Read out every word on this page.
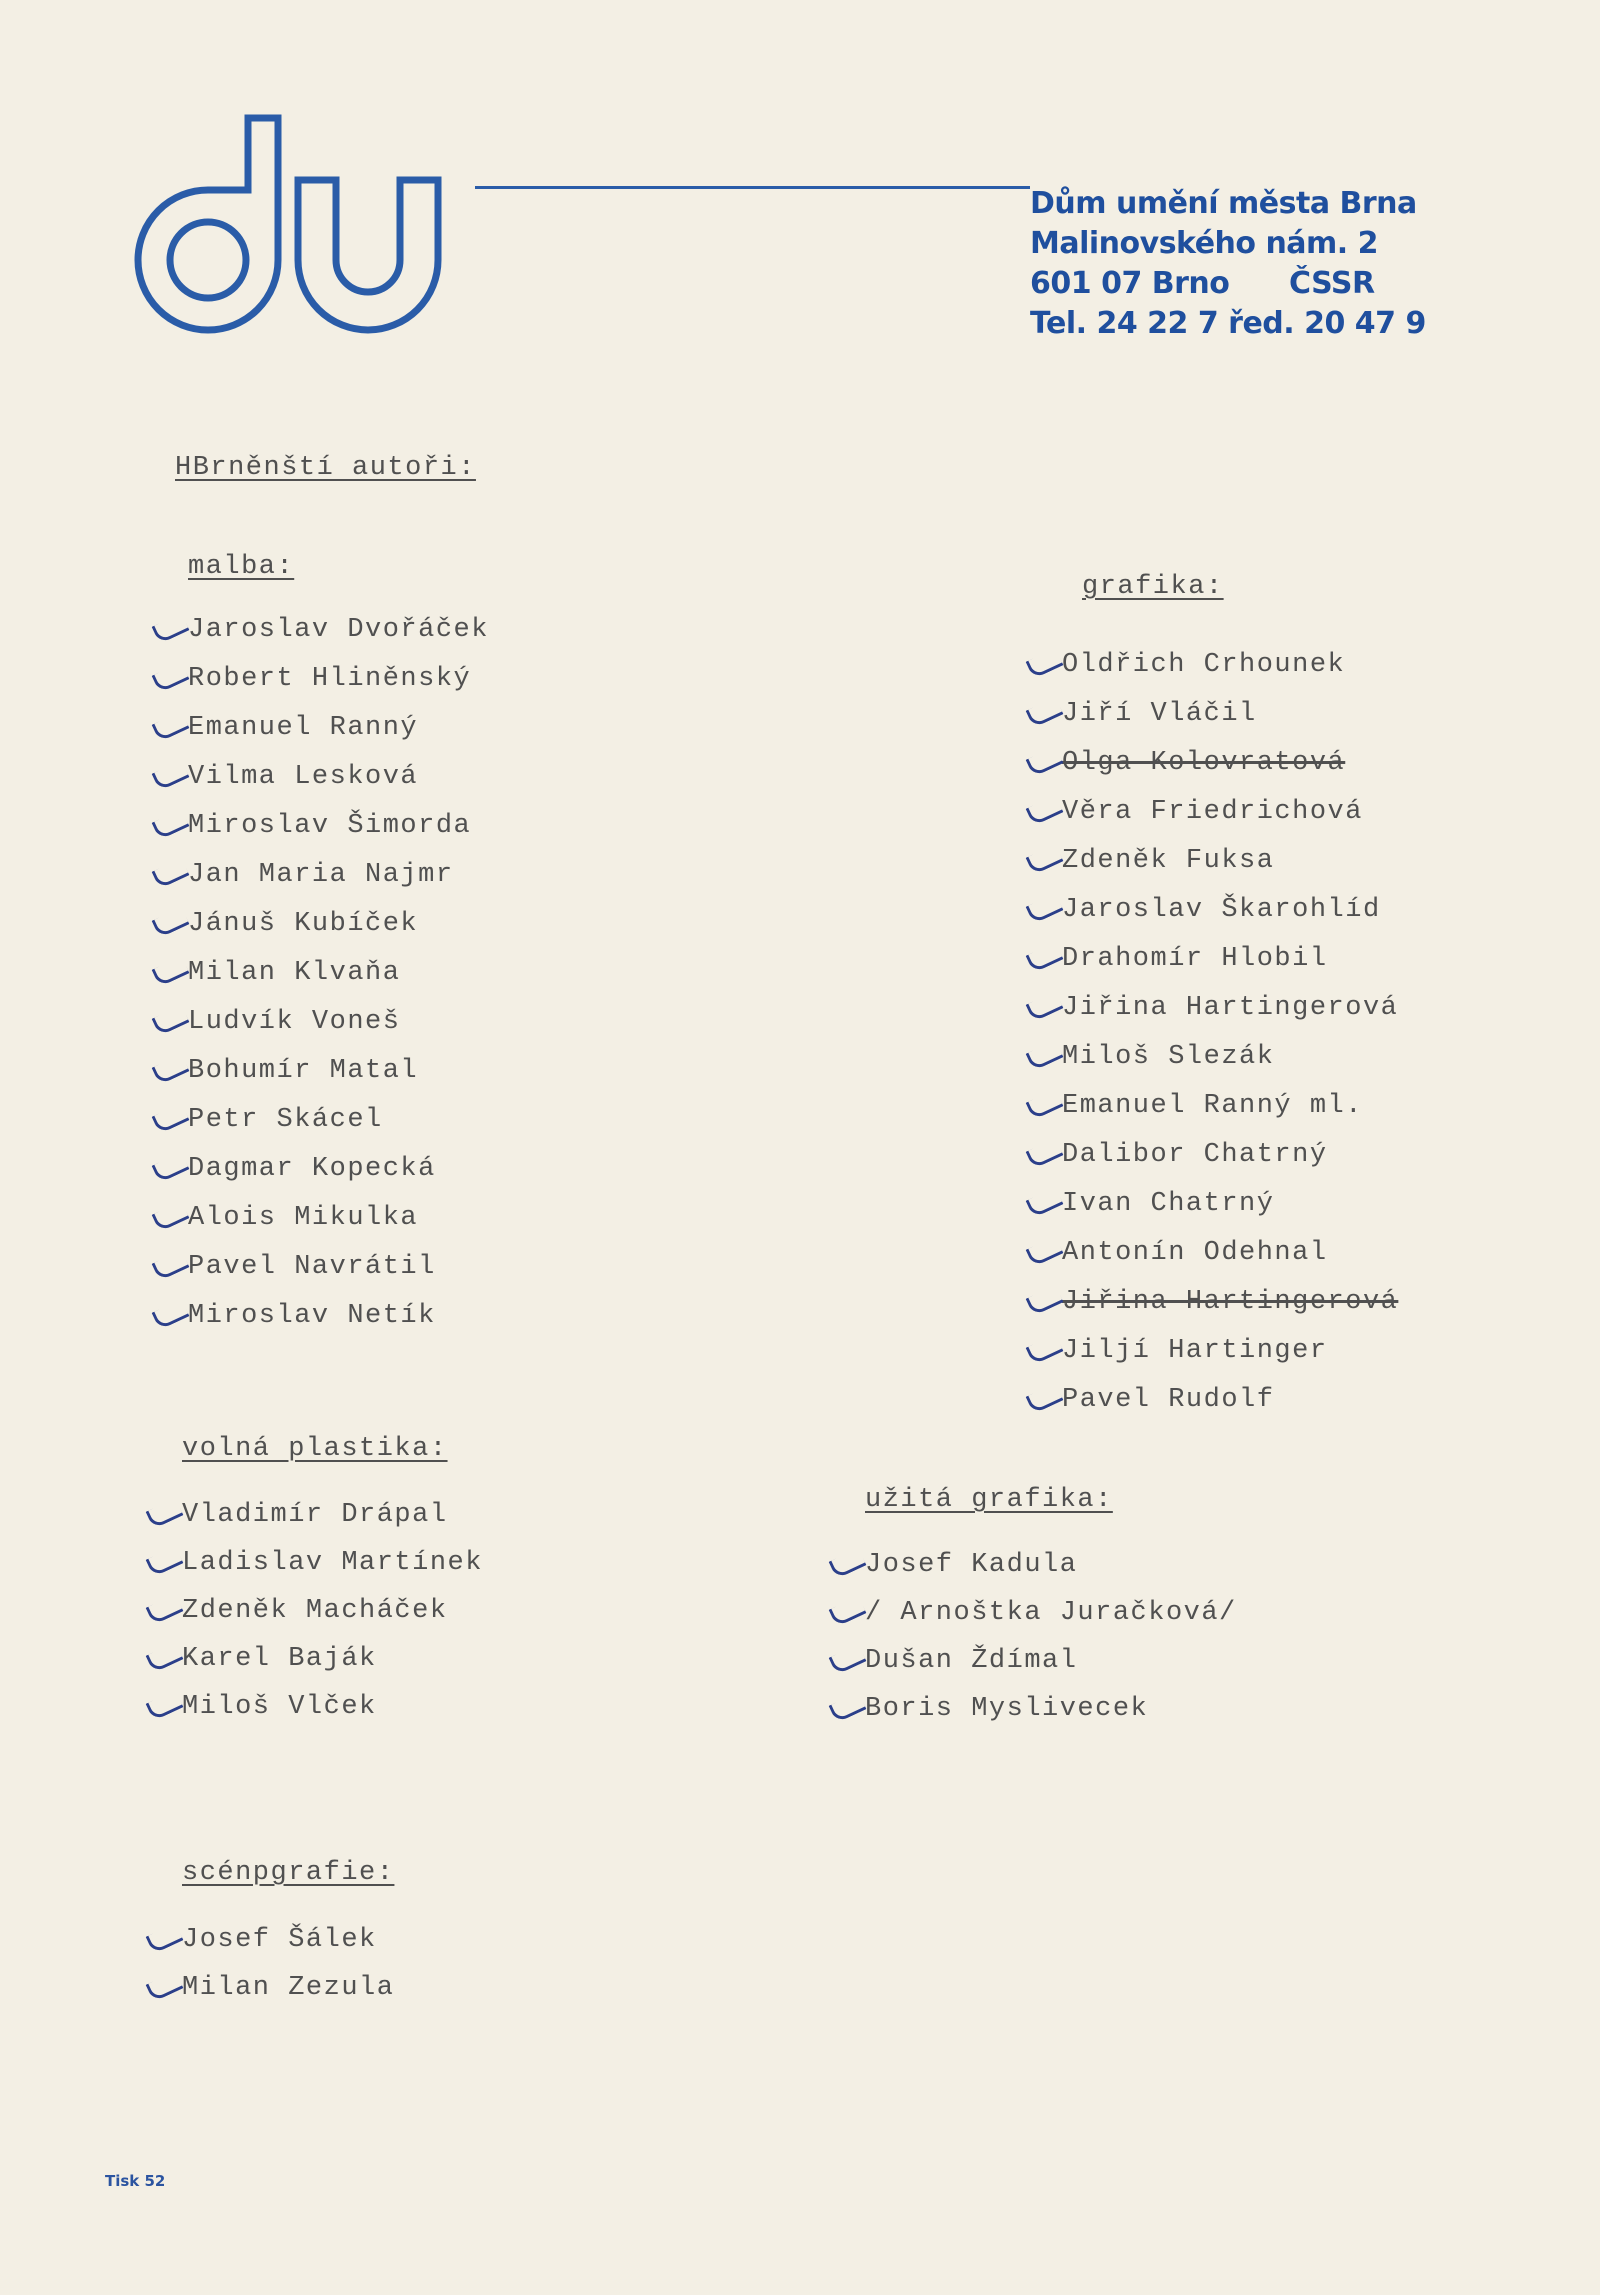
du
Dům umění města Brna
Malinovského nám. 2
601 07 Brno      ČSSR
Tel. 24 22 7 řed. 20 47 9
HBrněnští autoři:
malba:
Jaroslav Dvořáček
Robert Hliněnský
Emanuel Ranný
Vilma Lesková
Miroslav Šimorda
Jan Maria Najmr
Jánuš Kubíček
Milan Klvaňa
Ludvík Voneš
Bohumír Matal
Petr Skácel
Dagmar Kopecká
Alois Mikulka
Pavel Navrátil
Miroslav Netík
grafika:
Oldřich Crhounek
Jiří Vláčil
Olga Kolovratová
Věra Friedrichová
Zdeněk Fuksa
Jaroslav Škarohlíd
Drahomír Hlobil
Jiřina Hartingerová
Miloš Slezák
Emanuel Ranný ml.
Dalibor Chatrný
Ivan Chatrný
Antonín Odehnal
Jiřina Hartingerová
Jiljí Hartinger
Pavel Rudolf
volná plastika:
Vladimír Drápal
Ladislav Martínek
Zdeněk Macháček
Karel Baják
Miloš Vlček
užitá grafika:
Josef Kadula
/ Arnoštka Juračková/
Dušan Ždímal
Boris Myslivecek
scénpgrafie:
Josef Šálek
Milan Zezula
Tisk 52
